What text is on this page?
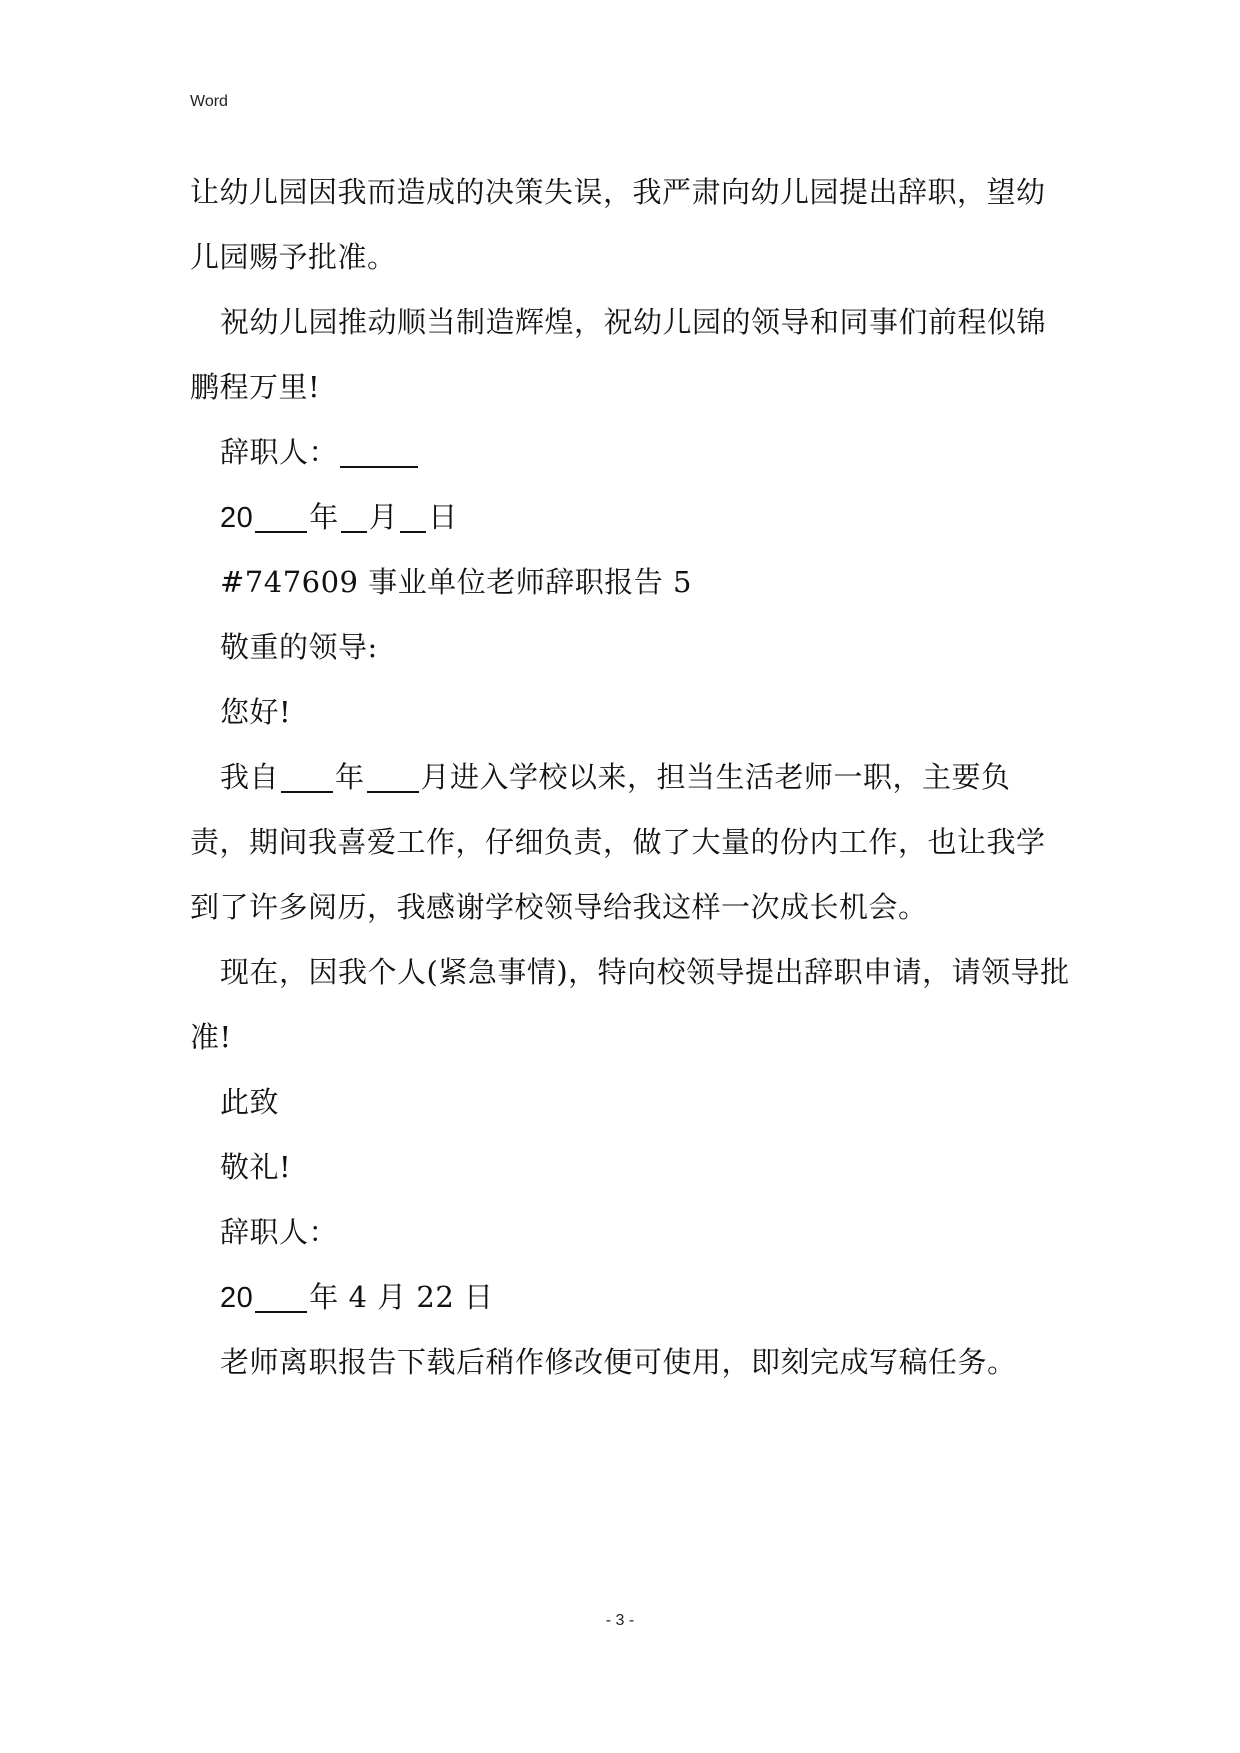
Word
让幼儿园因我而造成的决策失误，我严肃向幼儿园提出辞职，望幼
儿园赐予批准。
祝幼儿园推动顺当制造辉煌，祝幼儿园的领导和同事们前程似锦
鹏程万里!
辞职人：
20 年 月 日
#747609 事业单位老师辞职报告 5
敬重的领导:
您好!
我自 年 月进入学校以来，担当生活老师一职，主要负
责，期间我喜爱工作，仔细负责，做了大量的份内工作，也让我学
到了许多阅历，我感谢学校领导给我这样一次成长机会。
现在，因我个人(紧急事情)，特向校领导提出辞职申请，请领导批
准!
此致
敬礼!
辞职人：
20 年 4 月 22 日
老师离职报告下载后稍作修改便可使用，即刻完成写稿任务。
- 3 -
